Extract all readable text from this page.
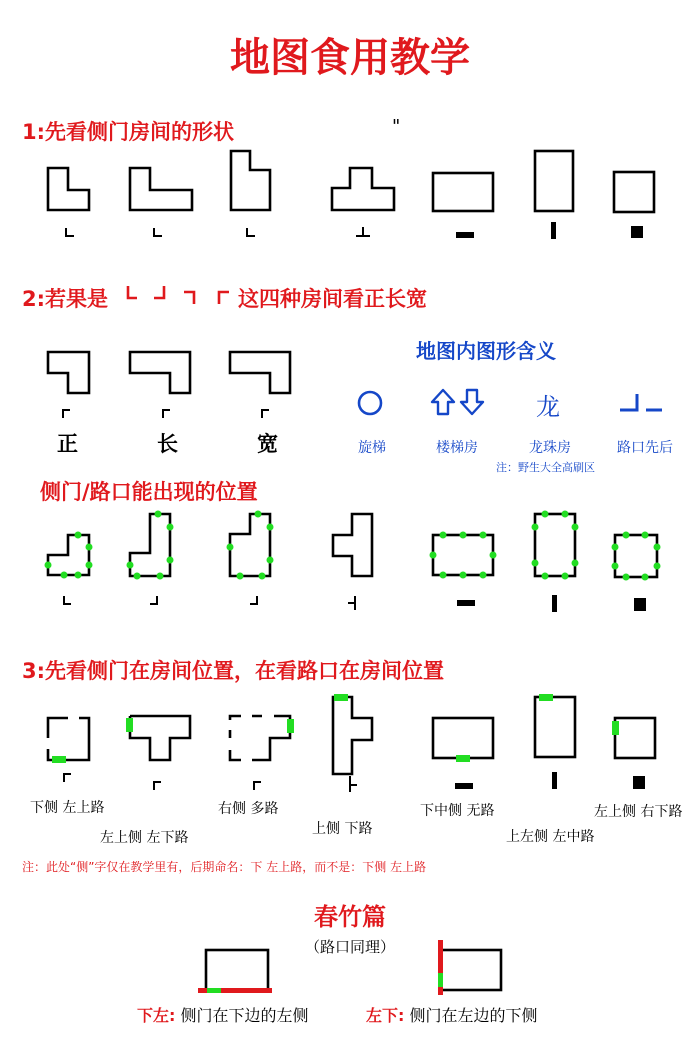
地图食用教学
1:先看侧门房间的形状	"
2:若果是	这四种房间看正长宽
正	长	宽
地图内图形含义
龙
旋梯	楼梯房	龙珠房	路口先后
注：野生大全高刷区
侧门/路口能出现的位置
3:先看侧门在房间位置，在看路口在房间位置
下侧 左上路
左上侧 左下路
右侧 多路
上侧 下路
下中侧 无路
上左侧 左中路
左上侧 右下路
注：此处“侧”字仅在教学里有，后期命名：下 左上路，而不是：下侧 左上路
春竹篇
（路口同理）
下左: 侧门在下边的左侧	左下: 侧门在左边的下侧
